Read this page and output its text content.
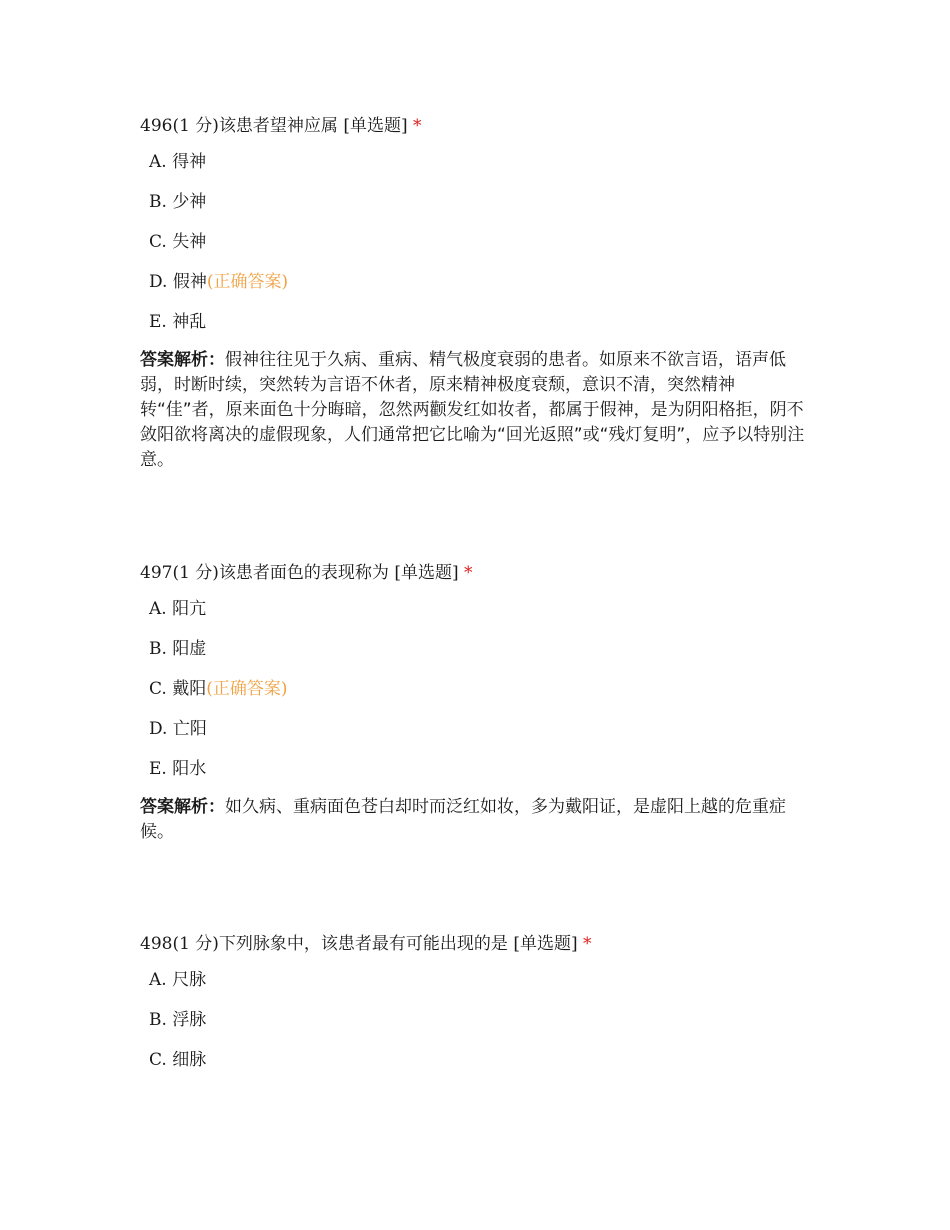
496(1 分)该患者望神应属 [单选题] *

A. 得神
B. 少神
C. 失神
D. 假神(正确答案)
E. 神乱
答案解析：假神往往见于久病、重病、精气极度衰弱的患者。如原来不欲言语，语声低弱，时断时续，突然转为言语不休者，原来精神极度衰颓，意识不清，突然精神转“佳”者，原来面色十分晦暗，忽然两颧发红如妆者，都属于假神，是为阴阳格拒，阴不敛阳欲将离决的虚假现象，人们通常把它比喻为“回光返照”或“残灯复明”，应予以特别注意。

497(1 分)该患者面色的表现称为 [单选题] *

A. 阳亢
B. 阳虚
C. 戴阳(正确答案)
D. 亡阳
E. 阳水
答案解析：如久病、重病面色苍白却时而泛红如妆，多为戴阳证，是虚阳上越的危重症候。

498(1 分)下列脉象中，该患者最有可能出现的是 [单选题] *

A. 尺脉
B. 浮脉
C. 细脉
